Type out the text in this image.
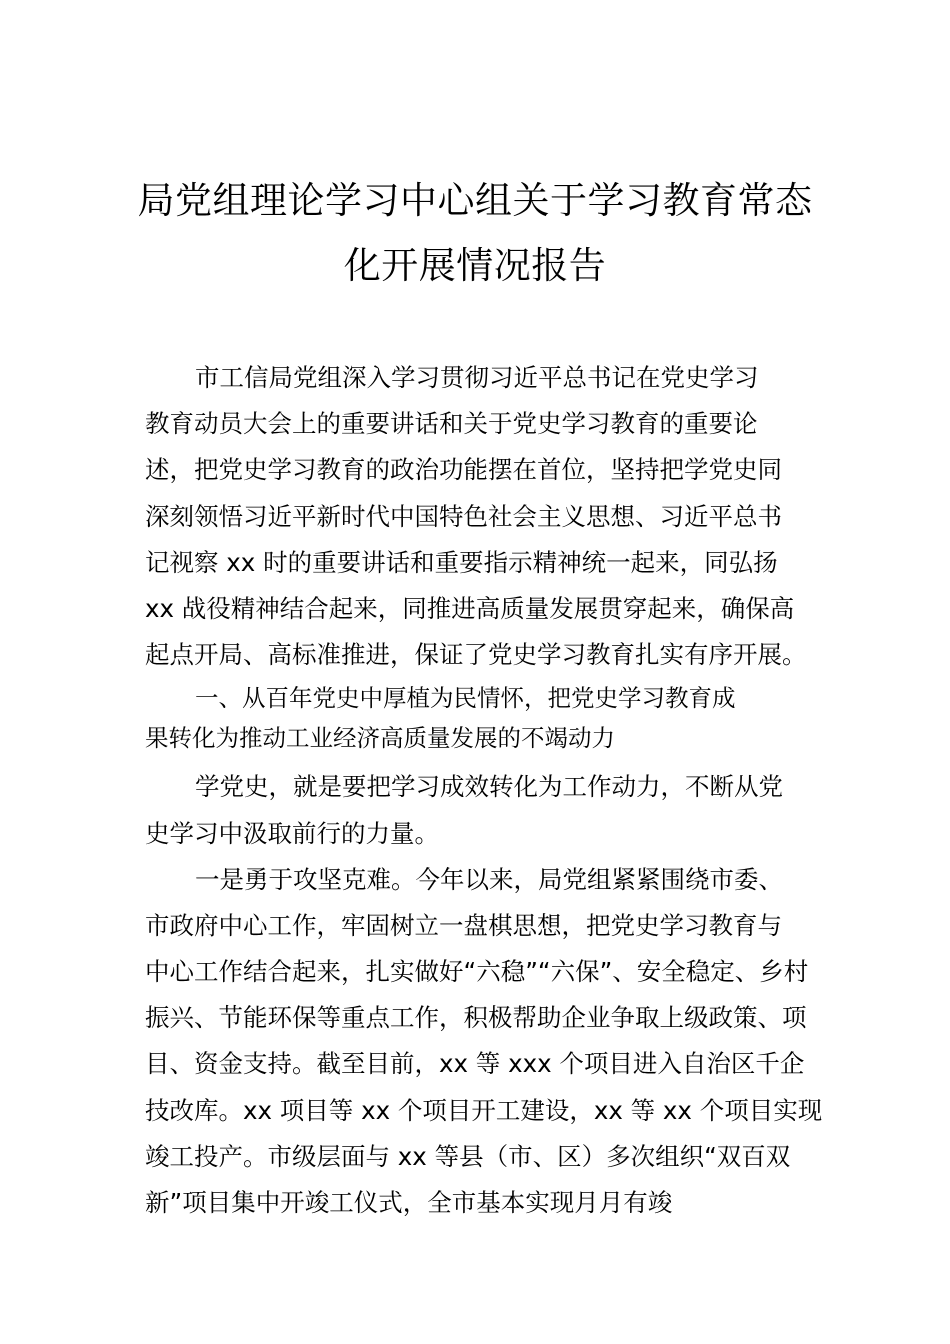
局党组理论学习中心组关于学习教育常态
化开展情况报告
市工信局党组深入学习贯彻习近平总书记在党史学习
教育动员大会上的重要讲话和关于党史学习教育的重要论
述，把党史学习教育的政治功能摆在首位，坚持把学党史同
深刻领悟习近平新时代中国特色社会主义思想、习近平总书
记视察 xx 时的重要讲话和重要指示精神统一起来，同弘扬
xx 战役精神结合起来，同推进高质量发展贯穿起来，确保高
起点开局、高标准推进，保证了党史学习教育扎实有序开展。
一、从百年党史中厚植为民情怀，把党史学习教育成
果转化为推动工业经济高质量发展的不竭动力
学党史，就是要把学习成效转化为工作动力，不断从党
史学习中汲取前行的力量。
一是勇于攻坚克难。今年以来，局党组紧紧围绕市委、
市政府中心工作，牢固树立一盘棋思想，把党史学习教育与
中心工作结合起来，扎实做好“六稳”“六保”、安全稳定、乡村
振兴、节能环保等重点工作，积极帮助企业争取上级政策、项
目、资金支持。截至目前，xx 等 xxx 个项目进入自治区千企
技改库。xx 项目等 xx 个项目开工建设，xx 等 xx 个项目实现
竣工投产。市级层面与 xx 等县（市、区）多次组织“双百双
新”项目集中开竣工仪式，全市基本实现月月有竣
